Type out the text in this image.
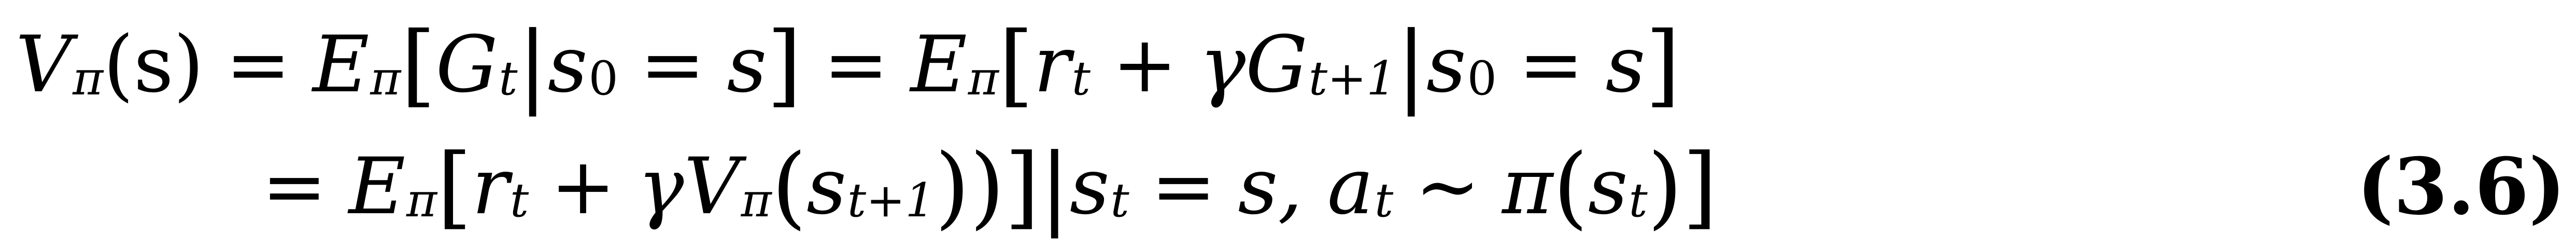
V π (s) = E π [ G t | s 0 = s ] = E π [ r t + γ G t+1 | s 0 = s ]
= E π [ r t + γ V π ( s t+1 )) ] | s t = s,
a t ∼ π ( s t ) ]	(3.6)
